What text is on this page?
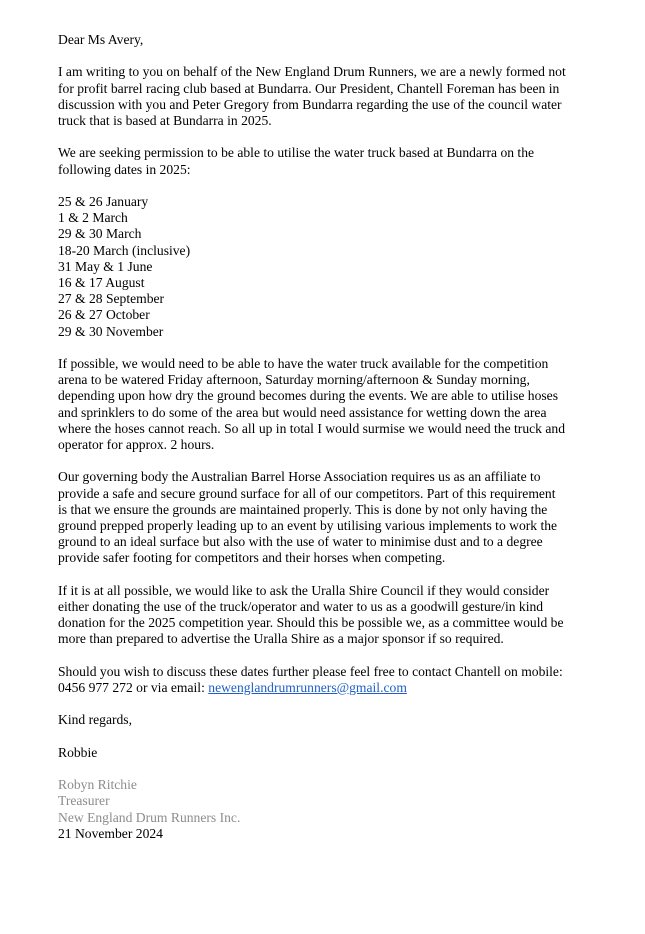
Dear Ms Avery,

I am writing to you on behalf of the New England Drum Runners, we are a newly formed not
for profit barrel racing club based at Bundarra. Our President, Chantell Foreman has been in
discussion with you and Peter Gregory from Bundarra regarding the use of the council water
truck that is based at Bundarra in 2025.

We are seeking permission to be able to utilise the water truck based at Bundarra on the
following dates in 2025:

25 & 26 January
1 & 2 March
29 & 30 March
18-20 March (inclusive)
31 May & 1 June
16 & 17 August
27 & 28 September
26 & 27 October
29 & 30 November

If possible, we would need to be able to have the water truck available for the competition
arena to be watered Friday afternoon, Saturday morning/afternoon & Sunday morning,
depending upon how dry the ground becomes during the events. We are able to utilise hoses
and sprinklers to do some of the area but would need assistance for wetting down the area
where the hoses cannot reach. So all up in total I would surmise we would need the truck and
operator for approx. 2 hours.

Our governing body the Australian Barrel Horse Association requires us as an affiliate to
provide a safe and secure ground surface for all of our competitors. Part of this requirement
is that we ensure the grounds are maintained properly. This is done by not only having the
ground prepped properly leading up to an event by utilising various implements to work the
ground to an ideal surface but also with the use of water to minimise dust and to a degree
provide safer footing for competitors and their horses when competing.

If it is at all possible, we would like to ask the Uralla Shire Council if they would consider
either donating the use of the truck/operator and water to us as a goodwill gesture/in kind
donation for the 2025 competition year. Should this be possible we, as a committee would be
more than prepared to advertise the Uralla Shire as a major sponsor if so required.

Should you wish to discuss these dates further please feel free to contact Chantell on mobile:
0456 977 272 or via email: newenglandrumrunners@gmail.com

Kind regards,

Robbie

Robyn Ritchie
Treasurer
New England Drum Runners Inc.
21 November 2024
